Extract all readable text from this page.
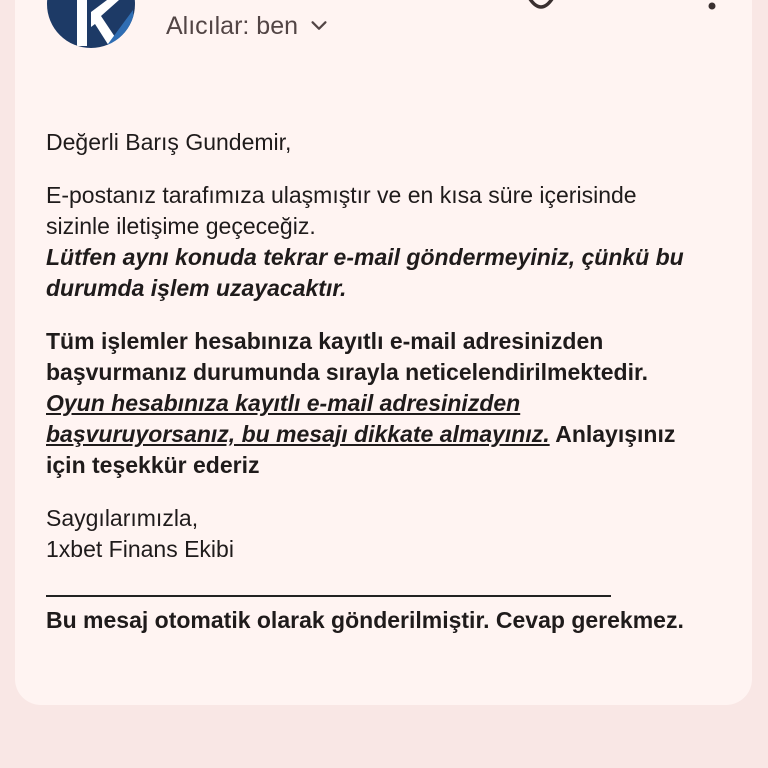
Alıcılar: ben
Değerli Barış Gundemir,
E-postanız tarafımıza ulaşmıştır ve en kısa süre içerisinde
sizinle iletişime geçeceğiz.
Lütfen aynı konuda tekrar e-mail göndermeyiniz, çünkü bu
durumda işlem uzayacaktır.
Tüm işlemler hesabınıza kayıtlı e-mail adresinizden
başvurmanız durumunda sırayla neticelendirilmektedir.
Oyun hesabınıza kayıtlı e-mail adresinizden
başvuruyorsanız, bu mesajı dikkate almayınız. Anlayışınız
için teşekkür ederiz
Saygılarımızla,
1xbet Finans Ekibi
Bu mesaj otomatik olarak gönderilmiştir. Cevap gerekmez.
